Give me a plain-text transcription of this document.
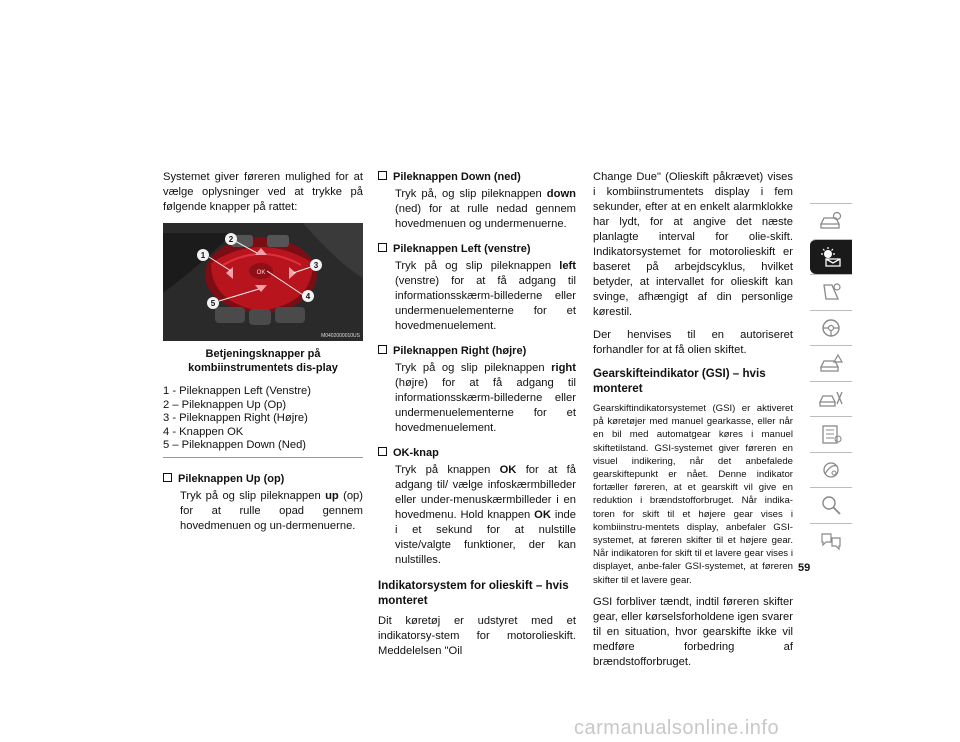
Systemet giver føreren mulighed for at vælge oplysninger ved at trykke på følgende knapper på rattet:

OK
1
2
3
4
5
M0402000010US
Betjeningsknapper på kombiinstrumentets dis-play
1 - Pileknappen Left (Venstre)
2 – Pileknappen Up (Op)
3 - Pileknappen Right (Højre)
4 - Knappen OK
5 – Pileknappen Down (Ned)
Pileknappen Up (op)

Tryk på og slip pileknappen up (op) for at rulle opad gennem hovedmenuen og un-dermenuerne.

Pileknappen Down (ned)

Tryk på, og slip pileknappen down (ned) for at rulle nedad gennem hovedmenuen og undermenuerne.

Pileknappen Left (venstre)

Tryk på og slip pileknappen left (venstre) for at få adgang til informationsskærm-billederne eller undermenuelementerne for et hovedmenuelement.

Pileknappen Right (højre)

Tryk på og slip pileknappen right (højre) for at få adgang til informationsskærm-billederne eller undermenuelementerne for et hovedmenuelement.

OK-knap

Tryk på knappen OK for at få adgang til/ vælge infoskærmbilleder eller under-menuskærmbilleder i en hovedmenu. Hold knappen OK inde i et sekund for at nulstille viste/valgte funktioner, der kan nulstilles.

Indikatorsystem for olieskift – hvis monteret

Dit køretøj er udstyret med et indikatorsy-stem for motorolieskift. Meddelelsen "Oil

Change Due" (Olieskift påkrævet) vises i kombiinstrumentets display i fem sekunder, efter at en enkelt alarmklokke har lydt, for at angive det næste planlagte interval for olie-skift. Indikatorsystemet for motorolieskift er baseret på arbejdscyklus, hvilket betyder, at intervallet for olieskift kan svinge, afhængigt af din personlige kørestil.

Der henvises til en autoriseret forhandler for at få olien skiftet.

Gearskifteindikator (GSI) – hvis monteret

Gearskiftindikatorsystemet (GSI) er aktiveret på køretøjer med manuel gearkasse, eller når en bil med automatgear køres i manuel skiftetilstand. GSI-systemet giver føreren en visuel indikering, når det anbefalede gearskiftepunkt er nået. Denne indikator fortæller føreren, at et gearskift vil give en reduktion i brændstofforbruget. Når indika-toren for skift til et højere gear vises i kombiinstru-mentets display, anbefaler GSI-systemet, at føreren skifter til et højere gear. Når indikatoren for skift til et lavere gear vises i displayet, anbe-faler GSI-systemet, at føreren skifter til et lavere gear.

GSI forbliver tændt, indtil føreren skifter gear, eller kørselsforholdene igen svarer til en situation, hvor gearskifte ikke vil medføre forbedring af brændstofforbruget.

59
carmanualsonline.info
